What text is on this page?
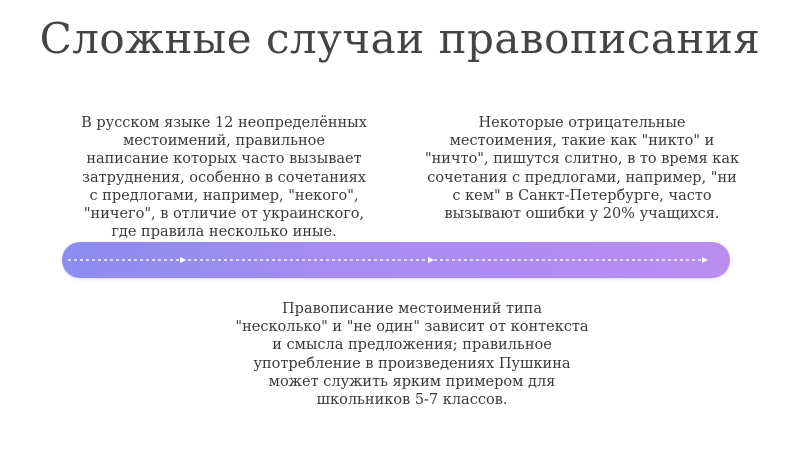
Сложные случаи правописания
В русском языке 12 неопределённых
местоимений, правильное
написание которых часто вызывает
затруднения, особенно в сочетаниях
с предлогами, например, "некого",
"ничего", в отличие от украинского,
где правила несколько иные.
Некоторые отрицательные
местоимения, такие как "никто" и
"ничто", пишутся слитно, в то время как
сочетания с предлогами, например, "ни
с кем" в Санкт-Петербурге, часто
вызывают ошибки у 20% учащихся.
Правописание местоимений типа
"несколько" и "не один" зависит от контекста
и смысла предложения; правильное
употребление в произведениях Пушкина
может служить ярким примером для
школьников 5-7 классов.
